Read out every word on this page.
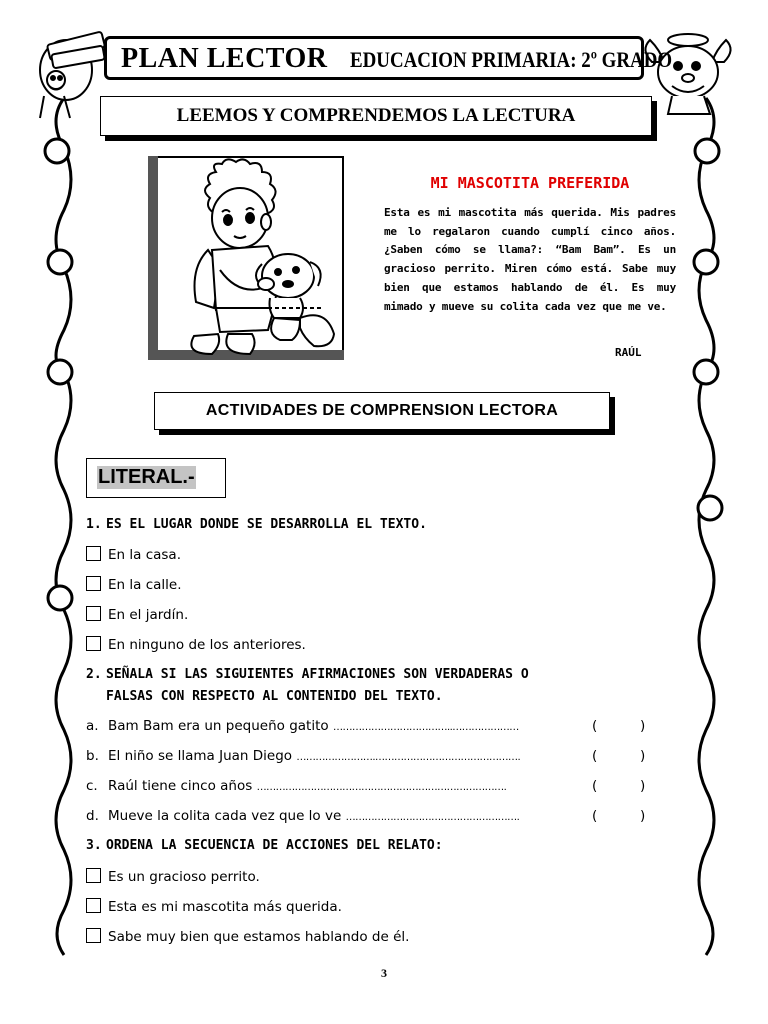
PLAN LECTOR EDUCACION PRIMARIA: 2º GRADO
LEEMOS Y COMPRENDEMOS LA LECTURA
MI MASCOTITA PREFERIDA

Esta es mi mascotita más querida. Mis padres me lo regalaron cuando cumplí cinco años. ¿Saben cómo se llama?: “Bam Bam”. Es un gracioso perrito. Miren cómo está. Sabe muy bien que estamos hablando de él. Es muy mimado y mueve su colita cada vez que me ve.

RAÚL
ACTIVIDADES DE COMPRENSION LECTORA
LITERAL.-
1. ES EL LUGAR DONDE SE DESARROLLA EL TEXTO.
En la casa.
En la calle.
En el jardín.
En ninguno de los anteriores.
2. SEÑALA SI LAS SIGUIENTES AFIRMACIONES SON VERDADERAS O
FALSAS CON RESPECTO AL CONTENIDO DEL TEXTO.
a. Bam Bam era un pequeño gatito ………………………………..…………………	(	)
b. El niño se llama Juan Diego …………………….……………………………………….	(	)
c. Raúl tiene cinco años …………………………………………………………………….	(	)
d. Mueve la colita cada vez que lo ve ……………………………………………….	(	)
3. ORDENA LA SECUENCIA DE ACCIONES DEL RELATO:
Es un gracioso perrito.
Esta es mi mascotita más querida.
Sabe muy bien que estamos hablando de él.
3
